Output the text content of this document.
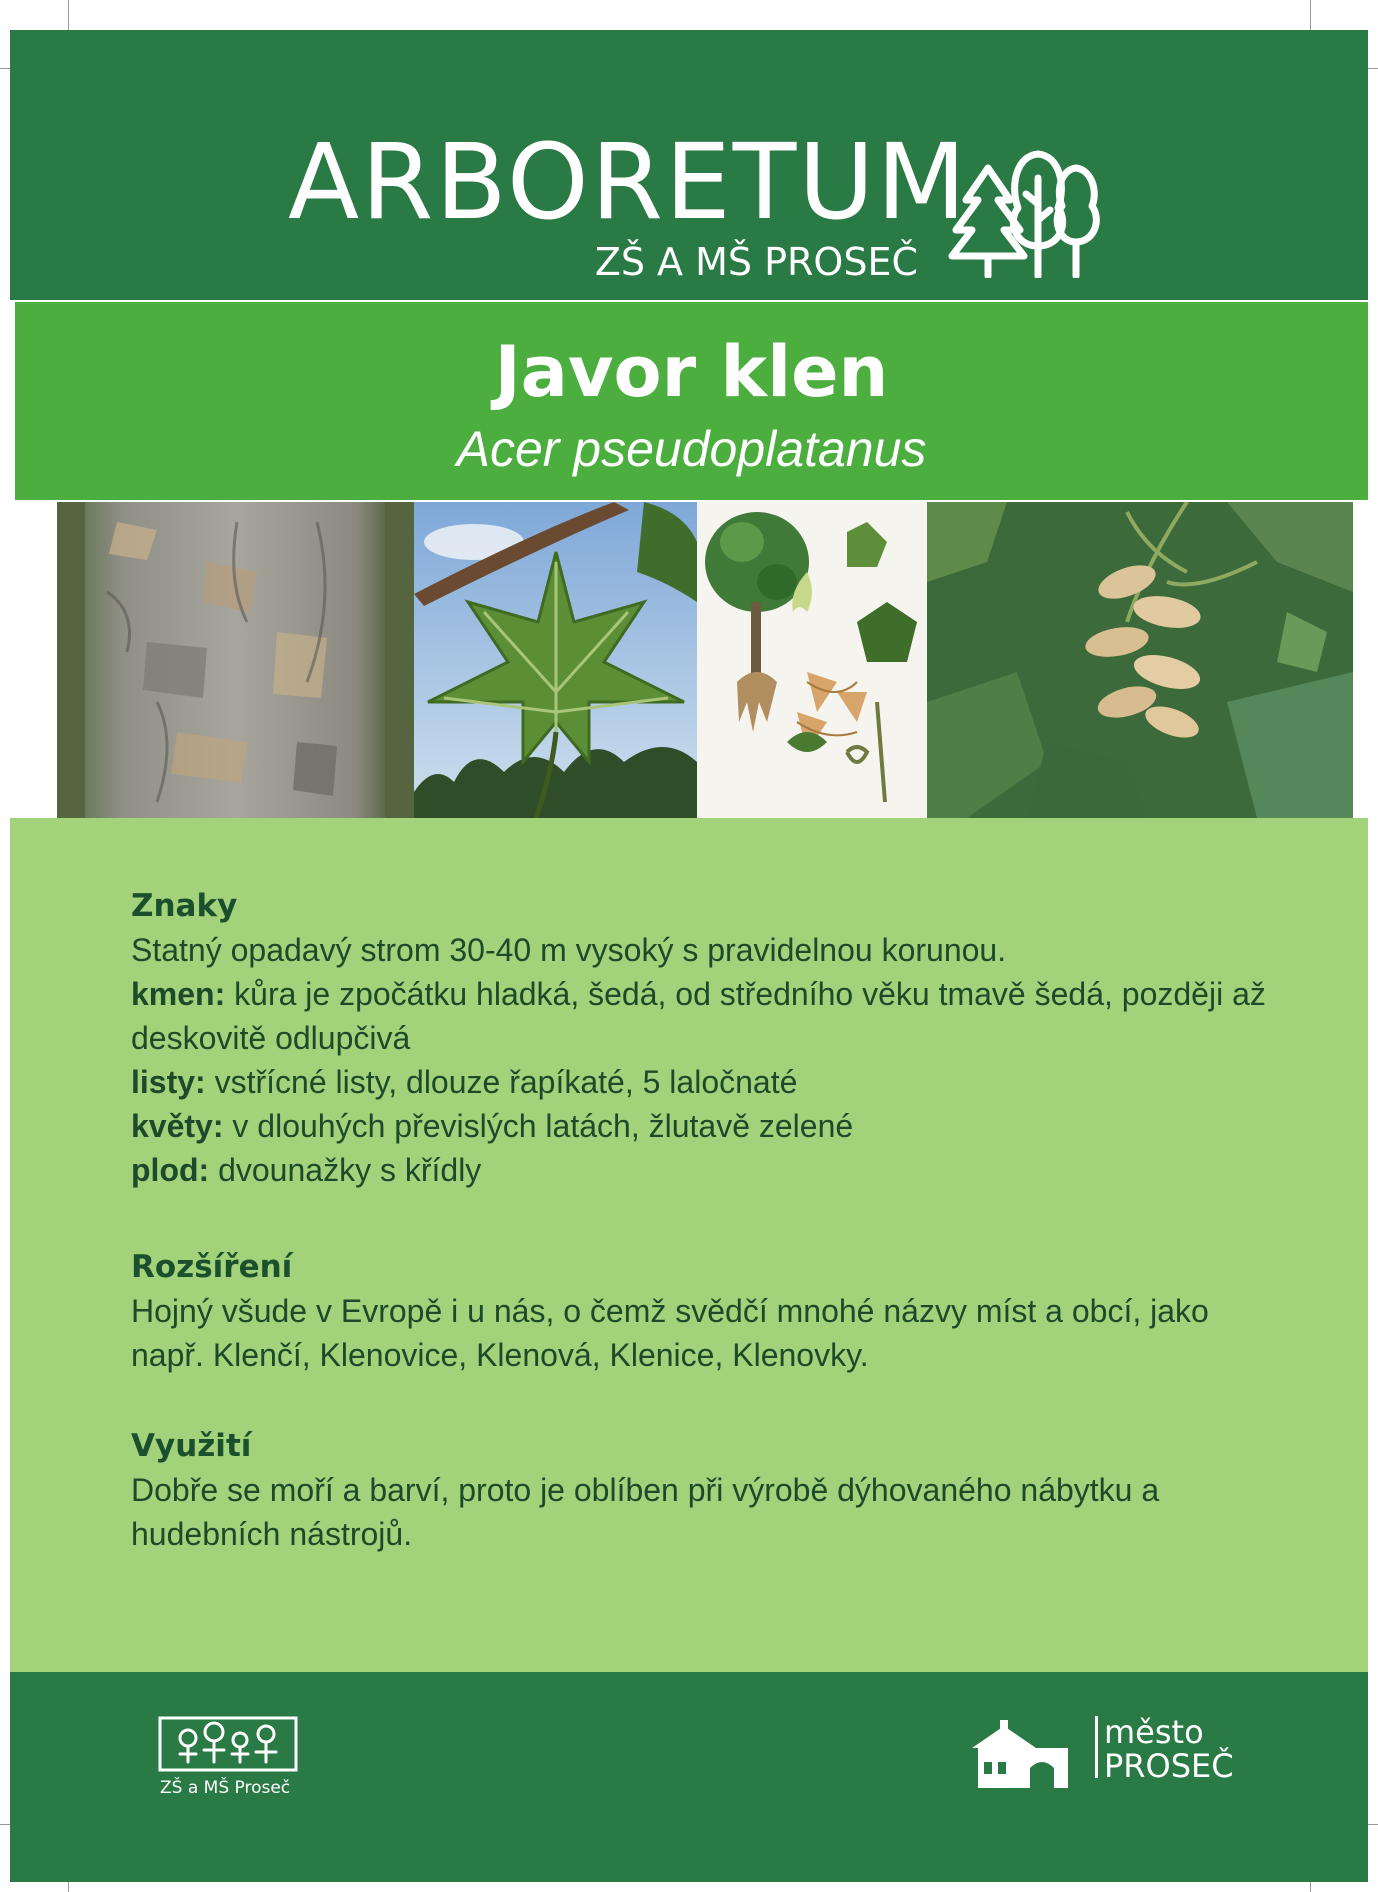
ARBORETUM
ZŠ A MŠ PROSEČ
Javor klen
Acer pseudoplatanus
Znaky

Statný opadavý strom 30-40 m vysoký s pravidelnou korunou.

kmen: kůra je zpočátku hladká, šedá, od středního věku tmavě šedá, později až deskovitě odlupčivá

listy: vstřícné listy, dlouze řapíkaté, 5 laločnaté

květy: v dlouhých převislých latách, žlutavě zelené

plod: dvounažky s křídly

Rozšíření

Hojný všude v Evropě i u nás, o čemž svědčí mnohé názvy míst a obcí, jako např. Klenčí, Klenovice, Klenová, Klenice, Klenovky.

Využití

Dobře se moří a barví, proto je oblíben při výrobě dýhovaného nábytku a hudebních nástrojů.

ZŠ a MŠ Proseč
město
PROSEČ
